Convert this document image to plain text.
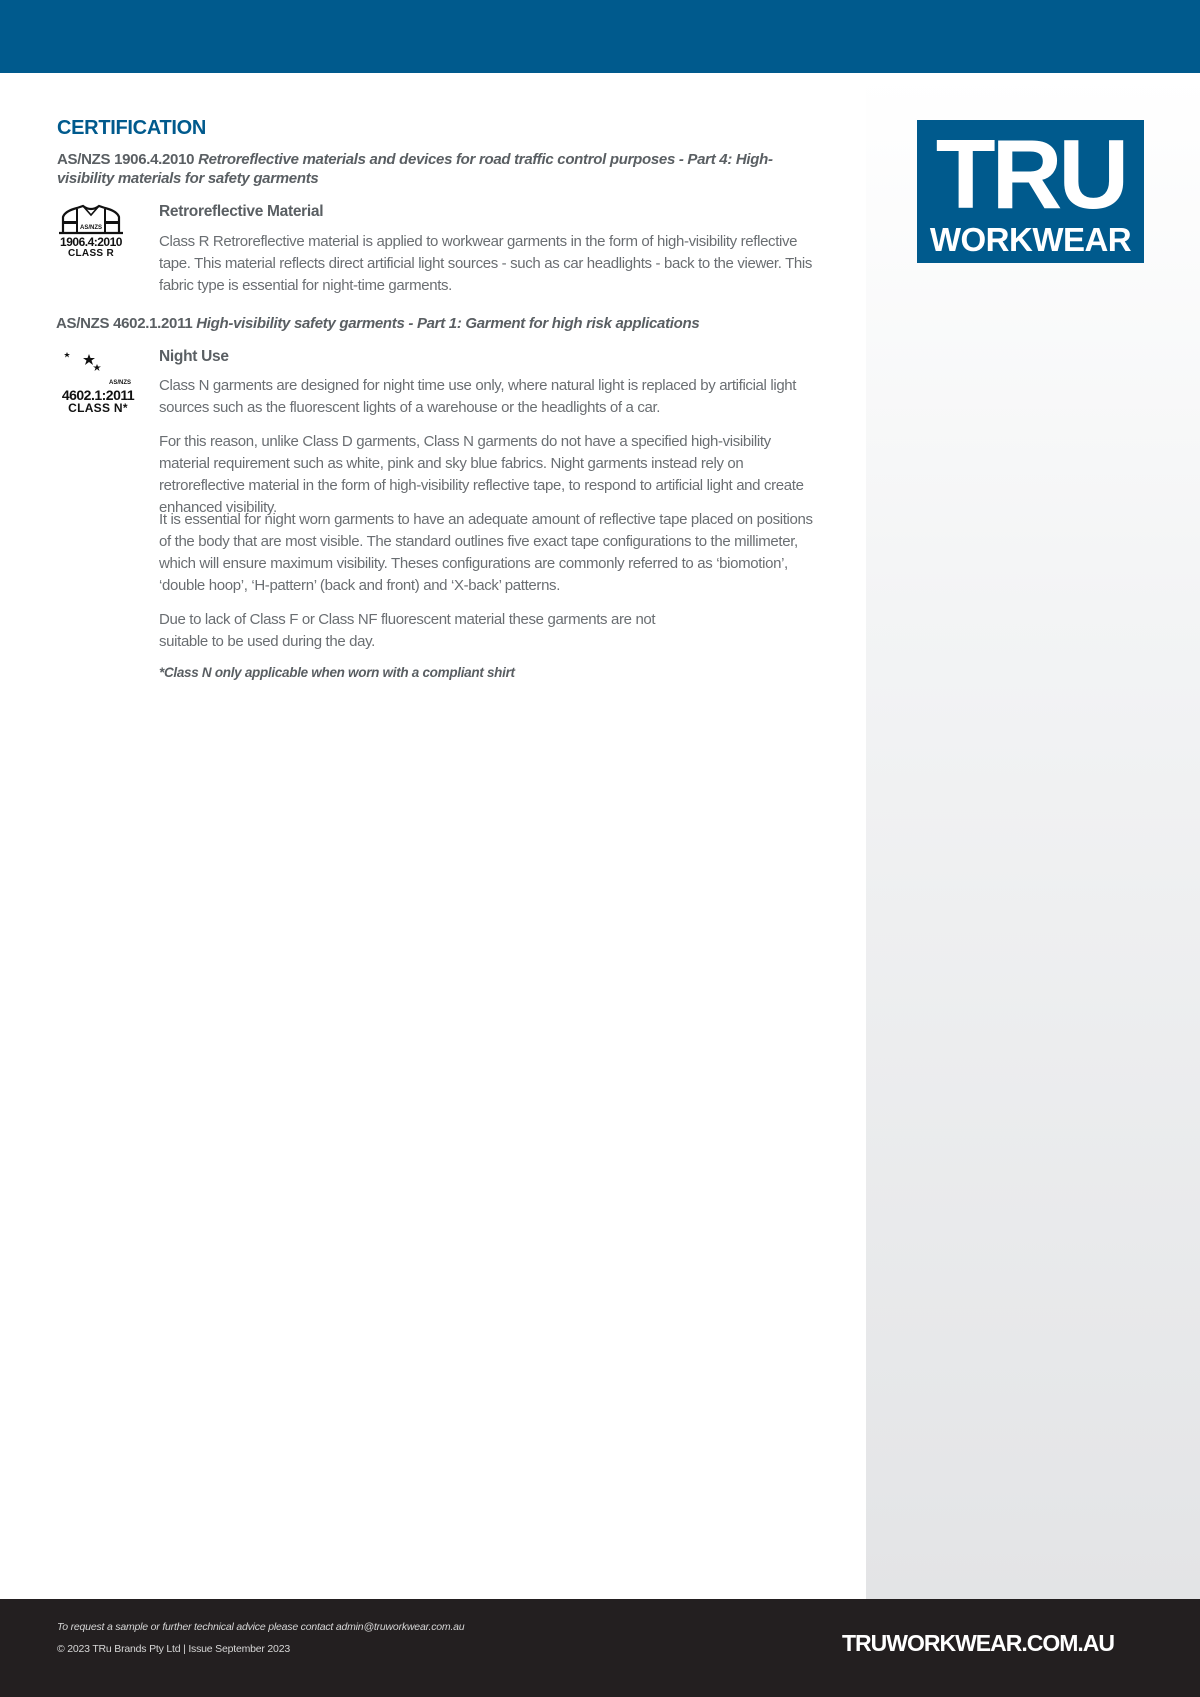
TRU
WORKWEAR
CERTIFICATION
AS/NZS 1906.4.2010 Retroreflective materials and devices for road traffic control purposes - Part 4: High-visibility materials for safety garments
AS/NZS
1906.4:2010
CLASS R
Retroreflective Material
Class R Retroreflective material is applied to workwear garments in the form of high-visibility reflective tape. This material reflects direct artificial light sources - such as car headlights - back to the viewer. This fabric type is essential for night-time garments.
AS/NZS 4602.1.2011 High-visibility safety garments - Part 1: Garment for high risk applications
AS/NZS
4602.1:2011
CLASS N*
Night Use
Class N garments are designed for night time use only, where natural light is replaced by artificial light sources such as the fluorescent lights of a warehouse or the headlights of a car.
For this reason, unlike Class D garments, Class N garments do not have a specified high-visibility material requirement such as white, pink and sky blue fabrics. Night garments instead rely on retroreflective material in the form of high-visibility reflective tape, to respond to artificial light and create enhanced visibility.
It is essential for night worn garments to have an adequate amount of reflective tape placed on positions of the body that are most visible. The standard outlines five exact tape configurations to the millimeter, which will ensure maximum visibility. Theses configurations are commonly referred to as ‘biomotion’, ‘double hoop’, ‘H-pattern’ (back and front) and ‘X-back’ patterns.
Due to lack of Class F or Class NF fluorescent material these garments are not suitable to be used during the day.
*Class N only applicable when worn with a compliant shirt
To request a sample or further technical advice please contact admin@truworkwear.com.au
© 2023 TRu Brands Pty Ltd | Issue September 2023	TRUWORKWEAR.COM.AU
